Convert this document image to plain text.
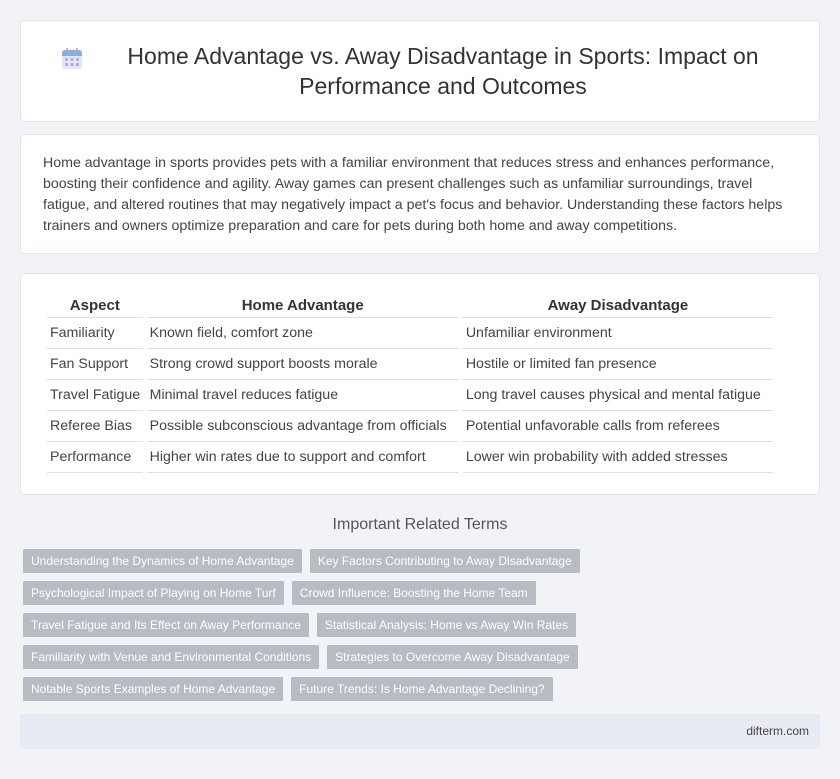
Home Advantage vs. Away Disadvantage in Sports: Impact on Performance and Outcomes

Home advantage in sports provides pets with a familiar environment that reduces stress and enhances performance, boosting their confidence and agility. Away games can present challenges such as unfamiliar surroundings, travel fatigue, and altered routines that may negatively impact a pet's focus and behavior. Understanding these factors helps trainers and owners optimize preparation and care for pets during both home and away competitions.

Aspect	Home Advantage	Away Disadvantage
Familiarity	Known field, comfort zone	Unfamiliar environment
Fan Support	Strong crowd support boosts morale	Hostile or limited fan presence
Travel Fatigue	Minimal travel reduces fatigue	Long travel causes physical and mental fatigue
Referee Bias	Possible subconscious advantage from officials	Potential unfavorable calls from referees
Performance	Higher win rates due to support and comfort	Lower win probability with added stresses
Important Related Terms
Understanding the Dynamics of Home Advantage	Key Factors Contributing to Away Disadvantage
Psychological Impact of Playing on Home Turf	Crowd Influence: Boosting the Home Team
Travel Fatigue and Its Effect on Away Performance	Statistical Analysis: Home vs Away Win Rates
Familiarity with Venue and Environmental Conditions	Strategies to Overcome Away Disadvantage
Notable Sports Examples of Home Advantage	Future Trends: Is Home Advantage Declining?
difterm.com
